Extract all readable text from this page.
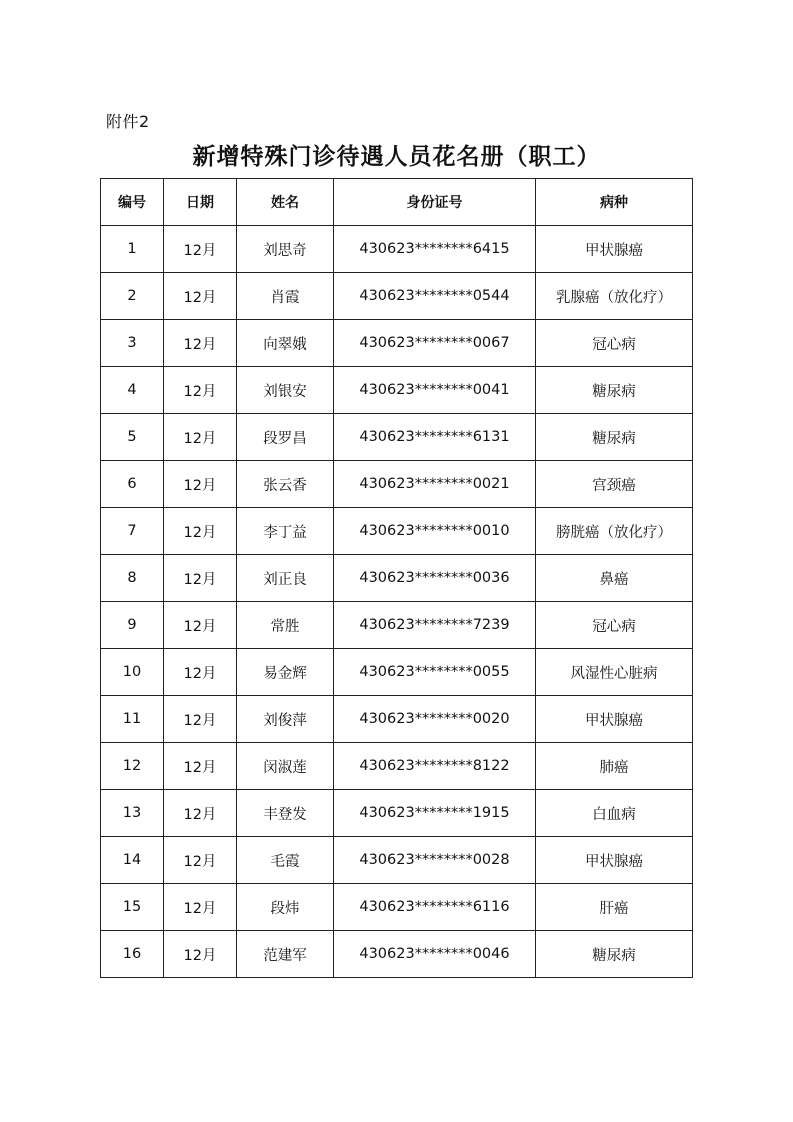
附件2
新增特殊门诊待遇人员花名册（职工）
编号	日期	姓名	身份证号	病种
1	12月	刘思奇	430623********6415	甲状腺癌
2	12月	肖霞	430623********0544	乳腺癌（放化疗）
3	12月	向翠娥	430623********0067	冠心病
4	12月	刘银安	430623********0041	糖尿病
5	12月	段罗昌	430623********6131	糖尿病
6	12月	张云香	430623********0021	宫颈癌
7	12月	李丁益	430623********0010	膀胱癌（放化疗）
8	12月	刘正良	430623********0036	鼻癌
9	12月	常胜	430623********7239	冠心病
10	12月	易金辉	430623********0055	风湿性心脏病
11	12月	刘俊萍	430623********0020	甲状腺癌
12	12月	闵淑莲	430623********8122	肺癌
13	12月	丰登发	430623********1915	白血病
14	12月	毛霞	430623********0028	甲状腺癌
15	12月	段炜	430623********6116	肝癌
16	12月	范建军	430623********0046	糖尿病
